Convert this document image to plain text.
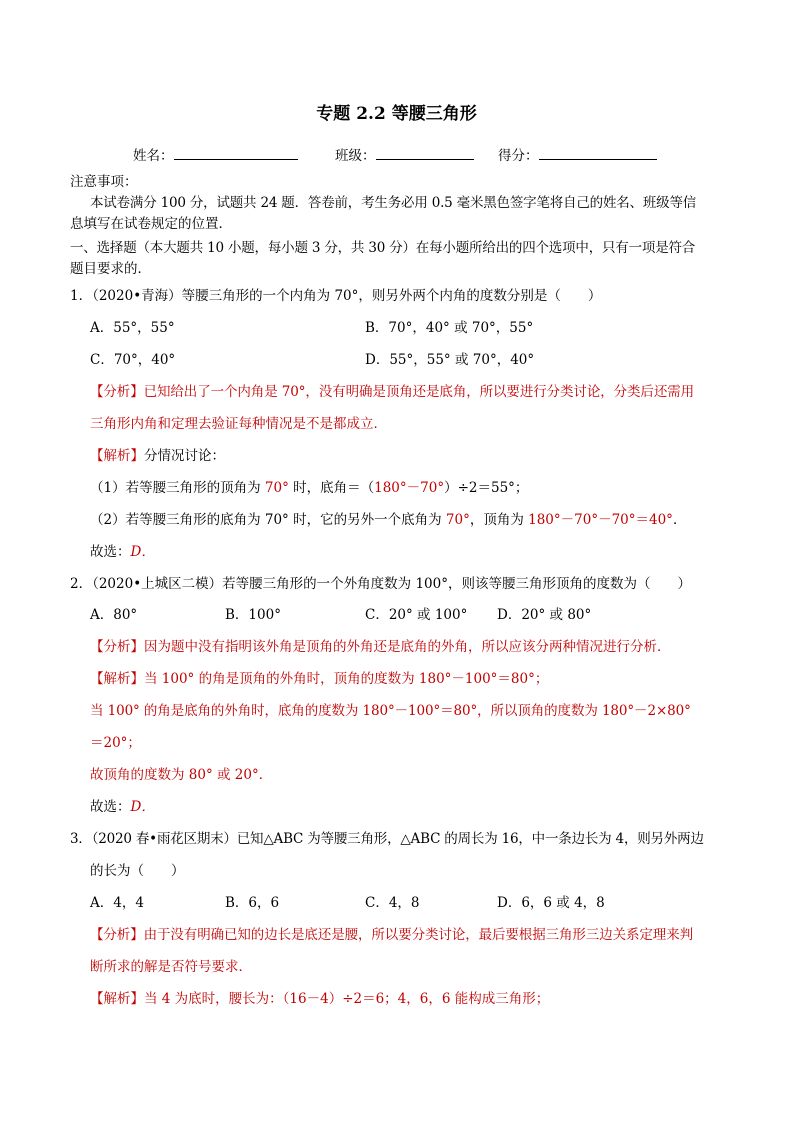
专题 2.2 等腰三角形
姓名：	班级：	得分：
注意事项：
本试卷满分 100 分，试题共 24 题．答卷前，考生务必用 0.5 毫米黑色签字笔将自己的姓名、班级等信
息填写在试卷规定的位置．
一、选择题（本大题共 10 小题，每小题 3 分，共 30 分）在每小题所给出的四个选项中，只有一项是符合
题目要求的．
1．（2020•青海）等腰三角形的一个内角为 70°，则另外两个内角的度数分别是（　　）
A．55°，55°	B．70°，40° 或 70°，55°
C．70°，40°	D．55°，55° 或 70°，40°
【分析】已知给出了一个内角是 70°，没有明确是顶角还是底角，所以要进行分类讨论，分类后还需用
三角形内角和定理去验证每种情况是不是都成立．
【解析】分情况讨论：
（1）若等腰三角形的顶角为 70° 时，底角＝（180°－70°）÷2＝55°；
（2）若等腰三角形的底角为 70° 时，它的另外一个底角为 70°，顶角为 180°－70°－70°＝40°．
故选：D．
2．（2020•上城区二模）若等腰三角形的一个外角度数为 100°，则该等腰三角形顶角的度数为（　　）
A．80°	B．100°	C．20° 或 100° D．20° 或 80°
【分析】因为题中没有指明该外角是顶角的外角还是底角的外角，所以应该分两种情况进行分析．
【解析】当 100° 的角是顶角的外角时，顶角的度数为 180°－100°＝80°；
当 100° 的角是底角的外角时，底角的度数为 180°－100°＝80°，所以顶角的度数为 180°－2×80°
＝20°；
故顶角的度数为 80° 或 20°．
故选：D．
3．（2020 春•雨花区期末）已知△ABC 为等腰三角形，△ABC 的周长为 16，中一条边长为 4，则另外两边
的长为（　　）
A．4，4	B．6，6	C．4，8	D．6，6 或 4，8
【分析】由于没有明确已知的边长是底还是腰，所以要分类讨论，最后要根据三角形三边关系定理来判
断所求的解是否符号要求．
【解析】当 4 为底时，腰长为：（16－4）÷2＝6；4，6，6 能构成三角形；
